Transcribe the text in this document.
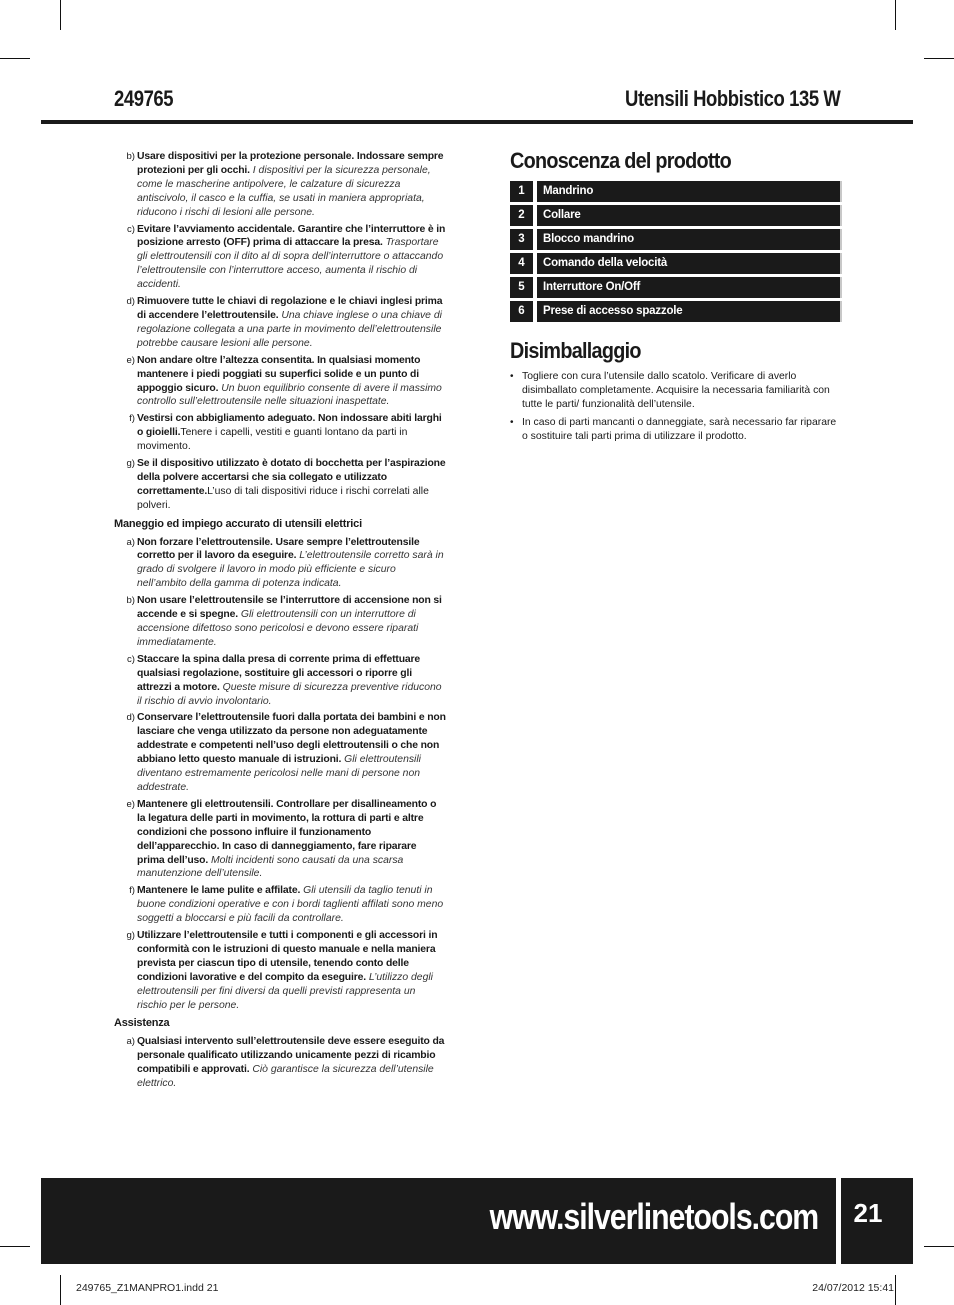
249765	Utensili Hobbistico 135 W
b) Usare dispositivi per la protezione personale. Indossare sempre protezioni per gli occhi. I dispositivi per la sicurezza personale, come le mascherine antipolvere, le calzature di sicurezza antiscivolo, il casco e la cuffia, se usati in maniera appropriata, riducono i rischi di lesioni alle persone.
c) Evitare l’avviamento accidentale. Garantire che l’interruttore è in posizione arresto (OFF) prima di attaccare la presa. Trasportare gli elettroutensili con il dito al di sopra dell’interruttore o attaccando l’elettroutensile con l’interruttore acceso, aumenta il rischio di accidenti.
d) Rimuovere tutte le chiavi di regolazione e le chiavi inglesi prima di accendere l’elettroutensile. Una chiave inglese o una chiave di regolazione collegata a una parte in movimento dell’elettroutensile potrebbe causare lesioni alle persone.
e) Non andare oltre l’altezza consentita. In qualsiasi momento mantenere i piedi poggiati su superfici solide e un punto di appoggio sicuro. Un buon equilibrio consente di avere il massimo controllo sull’elettroutensile nelle situazioni inaspettate.
f) Vestirsi con abbigliamento adeguato. Non indossare abiti larghi o gioielli.Tenere i capelli, vestiti e guanti lontano da parti in movimento.
g) Se il dispositivo utilizzato è dotato di bocchetta per l’aspirazione della polvere accertarsi che sia collegato e utilizzato correttamente.L’uso di tali dispositivi riduce i rischi correlati alle polveri.
Maneggio ed impiego accurato di utensili elettrici
a) Non forzare l’elettroutensile. Usare sempre l’elettroutensile corretto per il lavoro da eseguire. L’elettroutensile corretto sarà in grado di svolgere il lavoro in modo più efficiente e sicuro nell’ambito della gamma di potenza indicata.
b) Non usare l’elettroutensile se l’interruttore di accensione non si accende e si spegne. Gli elettroutensili con un interruttore di accensione difettoso sono pericolosi e devono essere riparati immediatamente.
c) Staccare la spina dalla presa di corrente prima di effettuare qualsiasi regolazione, sostituire gli accessori o riporre gli attrezzi a motore. Queste misure di sicurezza preventive riducono il rischio di avvio involontario.
d) Conservare l’elettroutensile fuori dalla portata dei bambini e non lasciare che venga utilizzato da persone non adeguatamente addestrate e competenti nell’uso degli elettroutensili o che non abbiano letto questo manuale di istruzioni. Gli elettroutensili diventano estremamente pericolosi nelle mani di persone non addestrate.
e) Mantenere gli elettroutensili. Controllare per disallineamento o la legatura delle parti in movimento, la rottura di parti e altre condizioni che possono influire il funzionamento dell’apparecchio. In caso di danneggiamento, fare riparare prima dell’uso. Molti incidenti sono causati da una scarsa manutenzione dell’utensile.
f) Mantenere le lame pulite e affilate. Gli utensili da taglio tenuti in buone condizioni operative e con i bordi taglienti affilati sono meno soggetti a bloccarsi e più facili da controllare.
g) Utilizzare l’elettroutensile e tutti i componenti e gli accessori in conformità con le istruzioni di questo manuale e nella maniera prevista per ciascun tipo di utensile, tenendo conto delle condizioni lavorative e del compito da eseguire. L’utilizzo degli elettroutensili per fini diversi da quelli previsti rappresenta un rischio per le persone.
Assistenza
a) Qualsiasi intervento sull’elettroutensile deve essere eseguito da personale qualificato utilizzando unicamente pezzi di ricambio compatibili e approvati. Ciò garantisce la sicurezza dell’utensile elettrico.
Conoscenza del prodotto
1	Mandrino
2	Collare
3	Blocco mandrino
4	Comando della velocità
5	Interruttore On/Off
6	Prese di accesso spazzole
Disimballaggio
• Togliere con cura l’utensile dallo scatolo. Verificare di averlo disimballato completamente. Acquisire la necessaria familiarità con tutte le parti/ funzionalità dell’utensile.
• In caso di parti mancanti o danneggiate, sarà necessario far riparare o sostituire tali parti prima di utilizzare il prodotto.
www.silverlinetools.com	21
249765_Z1MANPRO1.indd 21	24/07/2012 15:41
